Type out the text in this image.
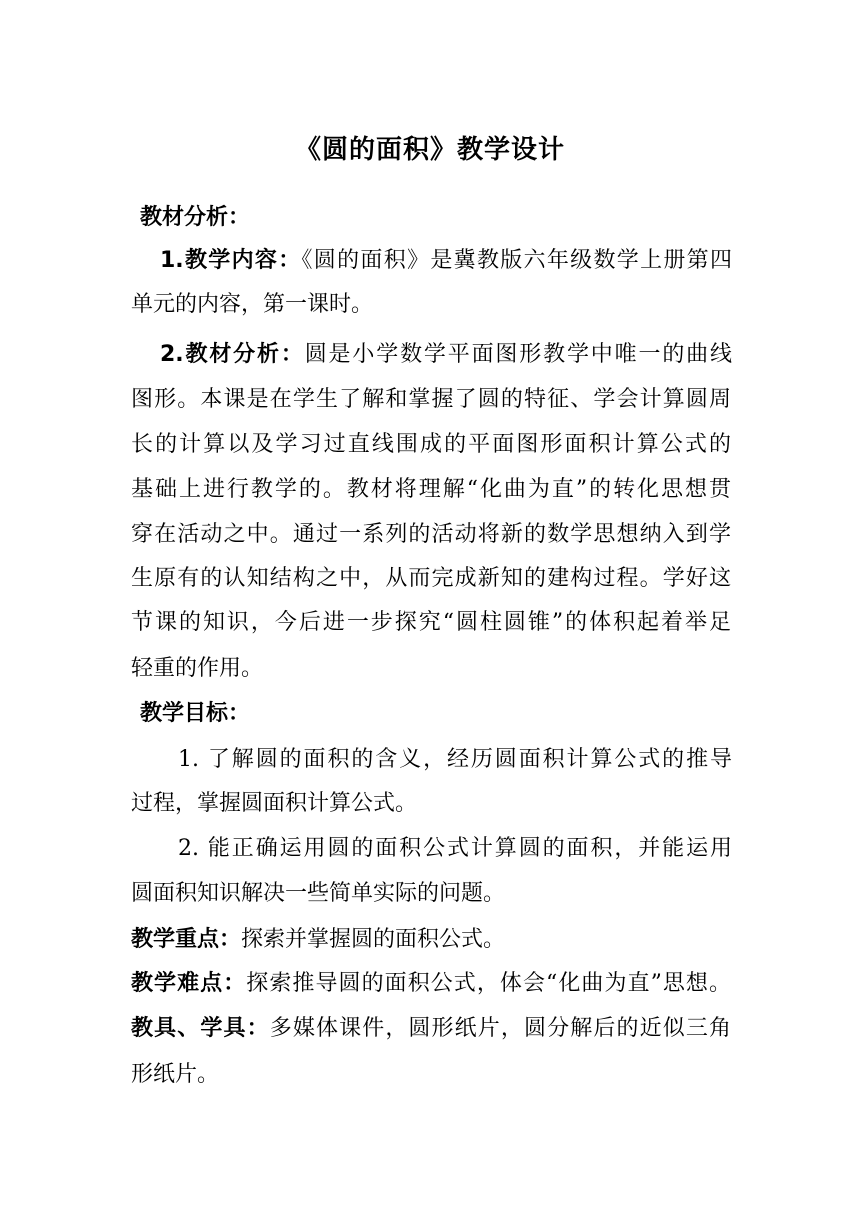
《圆的面积》教学设计
教材分析：
1.教学内容：《圆的面积》是冀教版六年级数学上册第四
单元的内容，第一课时。
2.教材分析：圆是小学数学平面图形教学中唯一的曲线
图形。本课是在学生了解和掌握了圆的特征、学会计算圆周
长的计算以及学习过直线围成的平面图形面积计算公式的
基础上进行教学的。教材将理解“化曲为直”的转化思想贯
穿在活动之中。通过一系列的活动将新的数学思想纳入到学
生原有的认知结构之中，从而完成新知的建构过程。学好这
节课的知识，今后进一步探究“圆柱圆锥”的体积起着举足
轻重的作用。
教学目标：
1. 了解圆的面积的含义，经历圆面积计算公式的推导
过程，掌握圆面积计算公式。
2. 能正确运用圆的面积公式计算圆的面积，并能运用
圆面积知识解决一些简单实际的问题。
教学重点：探索并掌握圆的面积公式。
教学难点：探索推导圆的面积公式，体会“化曲为直”思想。
教具、学具：多媒体课件，圆形纸片，圆分解后的近似三角
形纸片。
